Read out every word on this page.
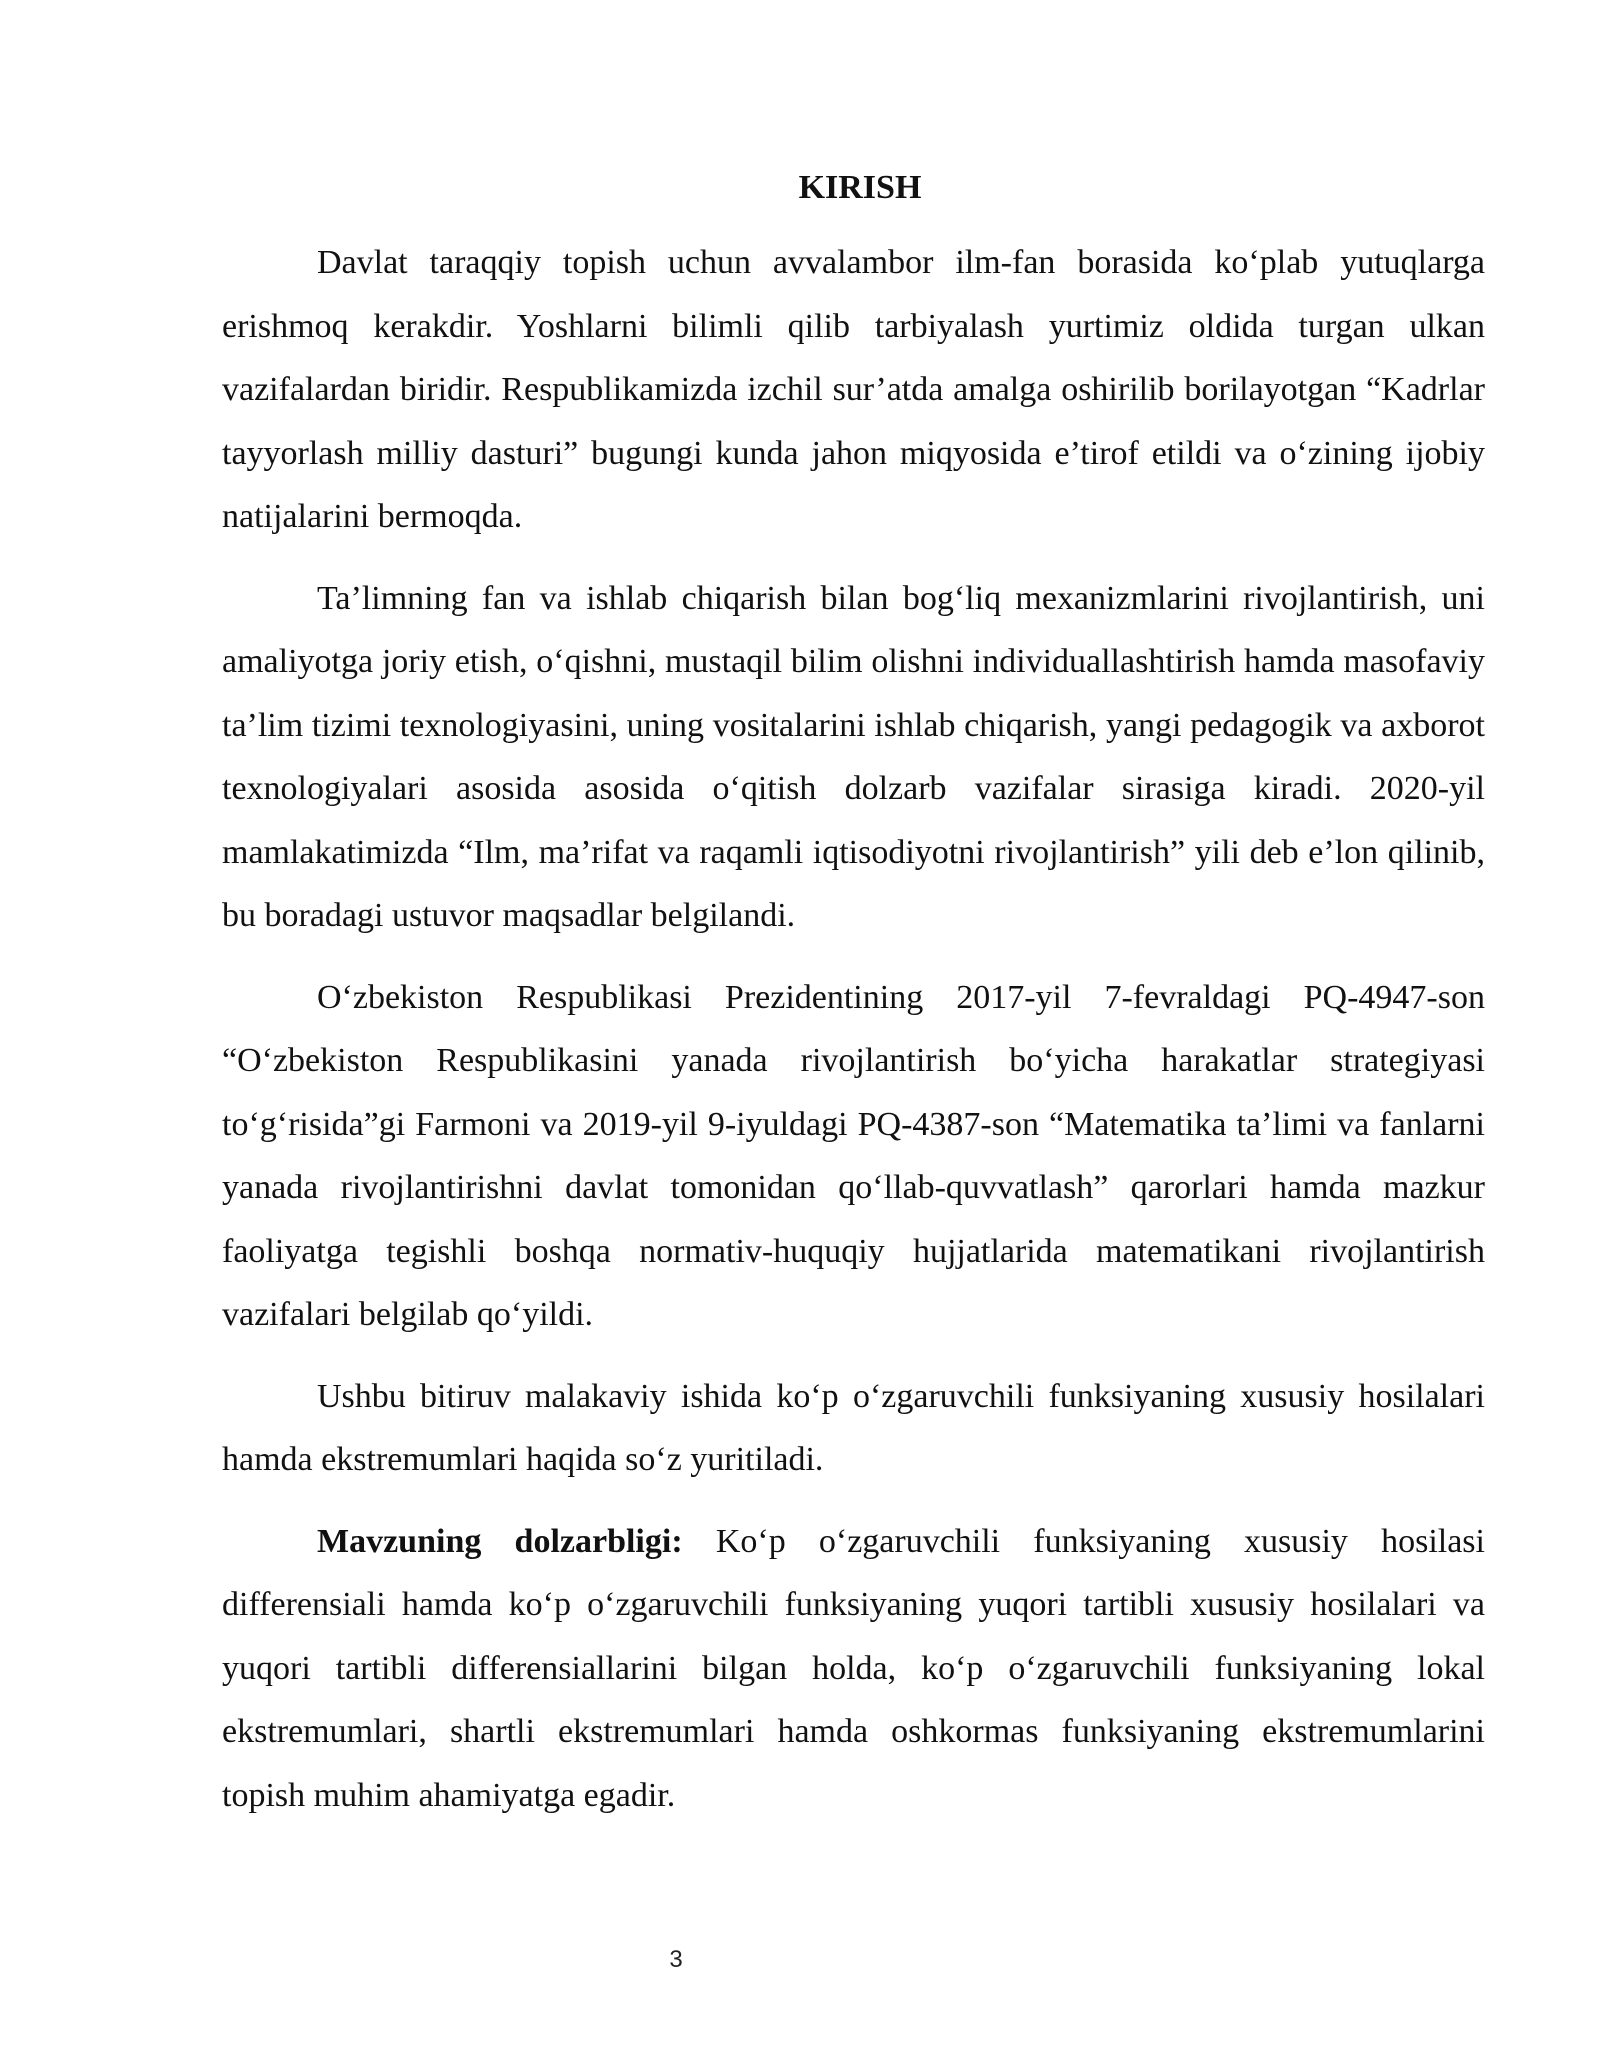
KIRISH

Davlat taraqqiy topish uchun avvalambor ilm-fan borasida ko‘plab yutuqlarga erishmoq kerakdir. Yoshlarni bilimli qilib tarbiyalash yurtimiz oldida turgan ulkan vazifalardan biridir. Respublikamizda izchil sur’atda amalga oshirilib borilayotgan “Kadrlar tayyorlash milliy dasturi” bugungi kunda jahon miqyosida e’tirof etildi va o‘zining ijobiy natijalarini bermoqda.

Ta’limning fan va ishlab chiqarish bilan bog‘liq mexanizmlarini rivojlantirish, uni amaliyotga joriy etish, o‘qishni, mustaqil bilim olishni individuallashtirish hamda masofaviy ta’lim tizimi texnologiyasini, uning vositalarini ishlab chiqarish, yangi pedagogik va axborot texnologiyalari asosida asosida o‘qitish dolzarb vazifalar sirasiga kiradi. 2020-yil mamlakatimizda “Ilm, ma’rifat va raqamli iqtisodiyotni rivojlantirish” yili deb e’lon qilinib, bu boradagi ustuvor maqsadlar belgilandi.

O‘zbekiston Respublikasi Prezidentining 2017-yil 7-fevraldagi PQ-4947-son “O‘zbekiston Respublikasini yanada rivojlantirish bo‘yicha harakatlar strategiyasi to‘g‘risida”gi Farmoni va 2019-yil 9-iyuldagi PQ-4387-son “Matematika ta’limi va fanlarni yanada rivojlantirishni davlat tomonidan qo‘llab-quvvatlash” qarorlari hamda mazkur faoliyatga tegishli boshqa normativ-huquqiy hujjatlarida matematikani rivojlantirish vazifalari belgilab qo‘yildi.

Ushbu bitiruv malakaviy ishida ko‘p o‘zgaruvchili funksiyaning xususiy hosilalari hamda ekstremumlari haqida so‘z yuritiladi.

Mavzuning dolzarbligi: Ko‘p o‘zgaruvchili funksiyaning xususiy hosilasi differensiali hamda ko‘p o‘zgaruvchili funksiyaning yuqori tartibli xususiy hosilalari va yuqori tartibli differensiallarini bilgan holda, ko‘p o‘zgaruvchili funksiyaning lokal ekstremumlari, shartli ekstremumlari hamda oshkormas funksiyaning ekstremumlarini topish muhim ahamiyatga egadir.

3
